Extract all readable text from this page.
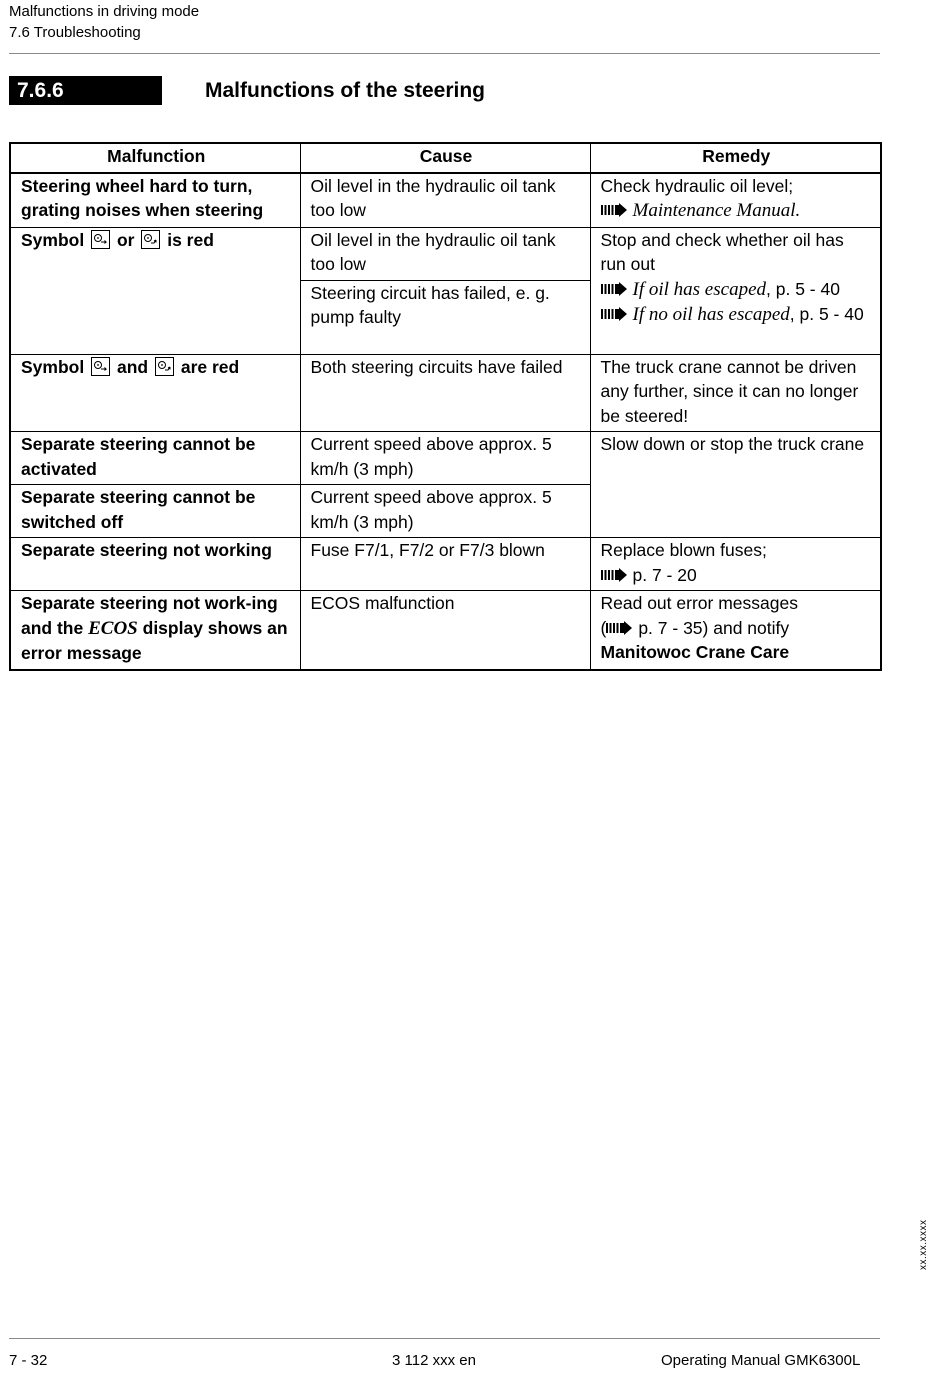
Malfunctions in driving mode
7.6 Troubleshooting
7.6.6	Malfunctions of the steering
Malfunction	Cause	Remedy
Steering wheel hard to turn, grating noises when steering	Oil level in the hydraulic oil tank too low	Check hydraulic oil level;
Maintenance Manual.
Symbol or is red	Oil level in the hydraulic oil tank too low	Stop and check whether oil has run out
If oil has escaped, p. 5 - 40
If no oil has escaped, p. 5 - 40
	Steering circuit has failed, e. g. pump faulty	
Symbol and are red	Both steering circuits have failed	The truck crane cannot be driven any further, since it can no longer be steered!
Separate steering cannot be activated	Current speed above approx. 5 km/h (3 mph)	Slow down or stop the truck crane
Separate steering cannot be switched off	Current speed above approx. 5 km/h (3 mph)	
Separate steering not working	Fuse F7/1, F7/2 or F7/3 blown	Replace blown fuses;
p. 7 - 20
Separate steering not work-ing and the ECOS display shows an error message	ECOS malfunction	Read out error messages
( p. 7 - 35) and notify
Manitowoc Crane Care
xx.xx.xxxx
7 - 32	3 112 xxx en	Operating Manual GMK6300L
